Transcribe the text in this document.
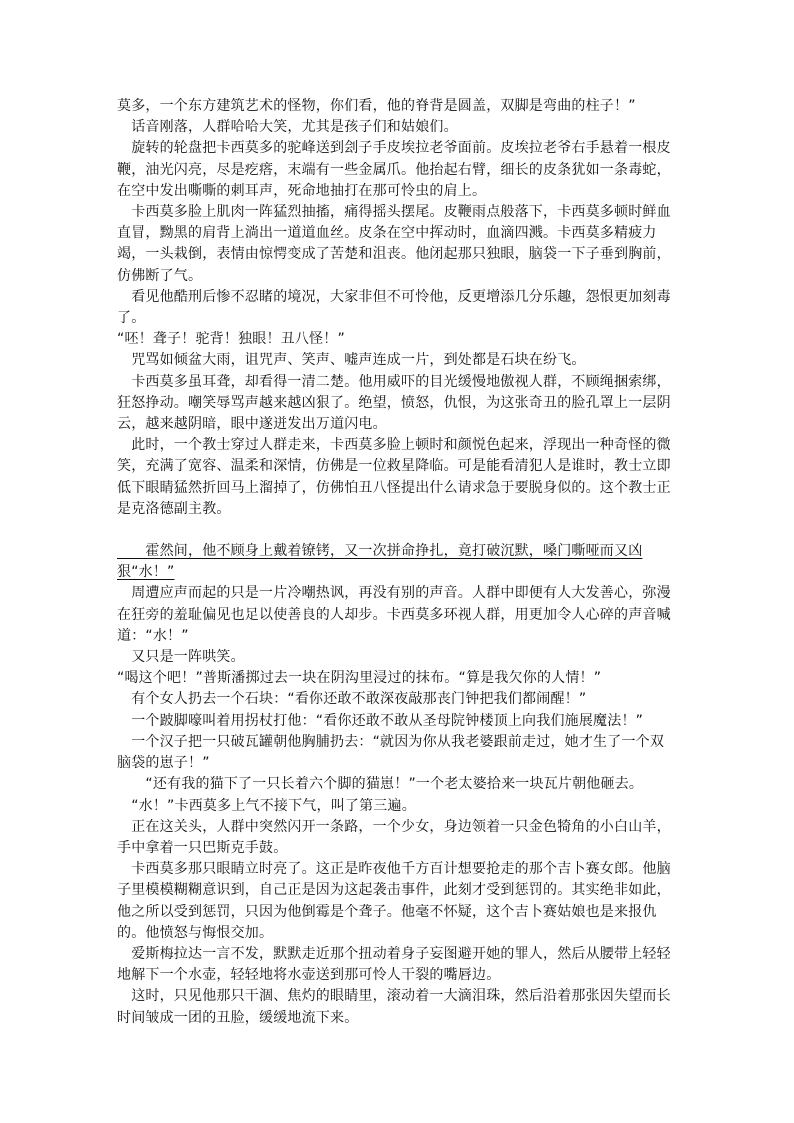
莫多，一个东方建筑艺术的怪物，你们看，他的脊背是圆盖，双脚是弯曲的柱子！”

　话音刚落，人群哈哈大笑，尤其是孩子们和姑娘们。

　旋转的轮盘把卡西莫多的驼峰送到刽子手皮埃拉老爷面前。皮埃拉老爷右手悬着一根皮鞭，油光闪亮，尽是疙瘩，末端有一些金属爪。他抬起右臂，细长的皮条犹如一条毒蛇，在空中发出嘶嘶的刺耳声，死命地抽打在那可怜虫的肩上。

　卡西莫多脸上肌肉一阵猛烈抽搐，痛得摇头摆尾。皮鞭雨点般落下，卡西莫多顿时鲜血直冒，黝黑的肩背上淌出一道道血丝。皮条在空中挥动时，血滴四溅。卡西莫多精疲力竭，一头栽倒，表情由惊愕变成了苦楚和沮丧。他闭起那只独眼，脑袋一下子垂到胸前，仿佛断了气。

　看见他酷刑后惨不忍睹的境况，大家非但不可怜他，反更增添几分乐趣，怨恨更加刻毒了。

“呸！聋子！驼背！独眼！丑八怪！”

　咒骂如倾盆大雨，诅咒声、笑声、嘘声连成一片，到处都是石块在纷飞。

　卡西莫多虽耳聋，却看得一清二楚。他用威吓的目光缓慢地傲视人群，不顾绳捆索绑，狂怒挣动。嘲笑辱骂声越来越凶狠了。绝望，愤怒，仇恨，为这张奇丑的脸孔罩上一层阴云，越来越阴暗，眼中遂迸发出万道闪电。

　此时，一个教士穿过人群走来，卡西莫多脸上顿时和颜悦色起来，浮现出一种奇怪的微笑，充满了宽容、温柔和深情，仿佛是一位救星降临。可是能看清犯人是谁时，教士立即低下眼睛猛然折回马上溜掉了，仿佛怕丑八怪提出什么请求急于要脱身似的。这个教士正是克洛德副主教。

　　霍然间，他不顾身上戴着镣铐，又一次拼命挣扎，竟打破沉默，嗓门嘶哑而又凶狠“水！”

　周遭应声而起的只是一片冷嘲热讽，再没有别的声音。人群中即便有人大发善心，弥漫在狂旁的羞耻偏见也足以使善良的人却步。卡西莫多环视人群，用更加令人心碎的声音喊道：“水！”

　又只是一阵哄笑。

“喝这个吧！”普斯潘掷过去一块在阴沟里浸过的抹布。“算是我欠你的人情！”

　有个女人扔去一个石块：“看你还敢不敢深夜敲那丧门钟把我们都闹醒！”

　一个跛脚嚎叫着用拐杖打他：“看你还敢不敢从圣母院钟楼顶上向我们施展魔法！”

　一个汉子把一只破瓦罐朝他胸脯扔去：“就因为你从我老婆跟前走过，她才生了一个双脑袋的崽子！”

　　“还有我的猫下了一只长着六个脚的猫崽！”一个老太婆拾来一块瓦片朝他砸去。

　“水！”卡西莫多上气不接下气，叫了第三遍。

　正在这关头，人群中突然闪开一条路，一个少女，身边领着一只金色犄角的小白山羊，手中拿着一只巴斯克手鼓。

　卡西莫多那只眼睛立时亮了。这正是昨夜他千方百计想要抢走的那个吉卜赛女郎。他脑子里模模糊糊意识到，自己正是因为这起袭击事件，此刻才受到惩罚的。其实绝非如此，他之所以受到惩罚，只因为他倒霉是个聋子。他毫不怀疑，这个吉卜赛姑娘也是来报仇的。他愤怒与悔恨交加。

　爱斯梅拉达一言不发，默默走近那个扭动着身子妄图避开她的罪人，然后从腰带上轻轻地解下一个水壶，轻轻地将水壶送到那可怜人干裂的嘴唇边。

　这时，只见他那只干涸、焦灼的眼睛里，滚动着一大滴泪珠，然后沿着那张因失望而长时间皱成一团的丑脸，缓缓地流下来。
